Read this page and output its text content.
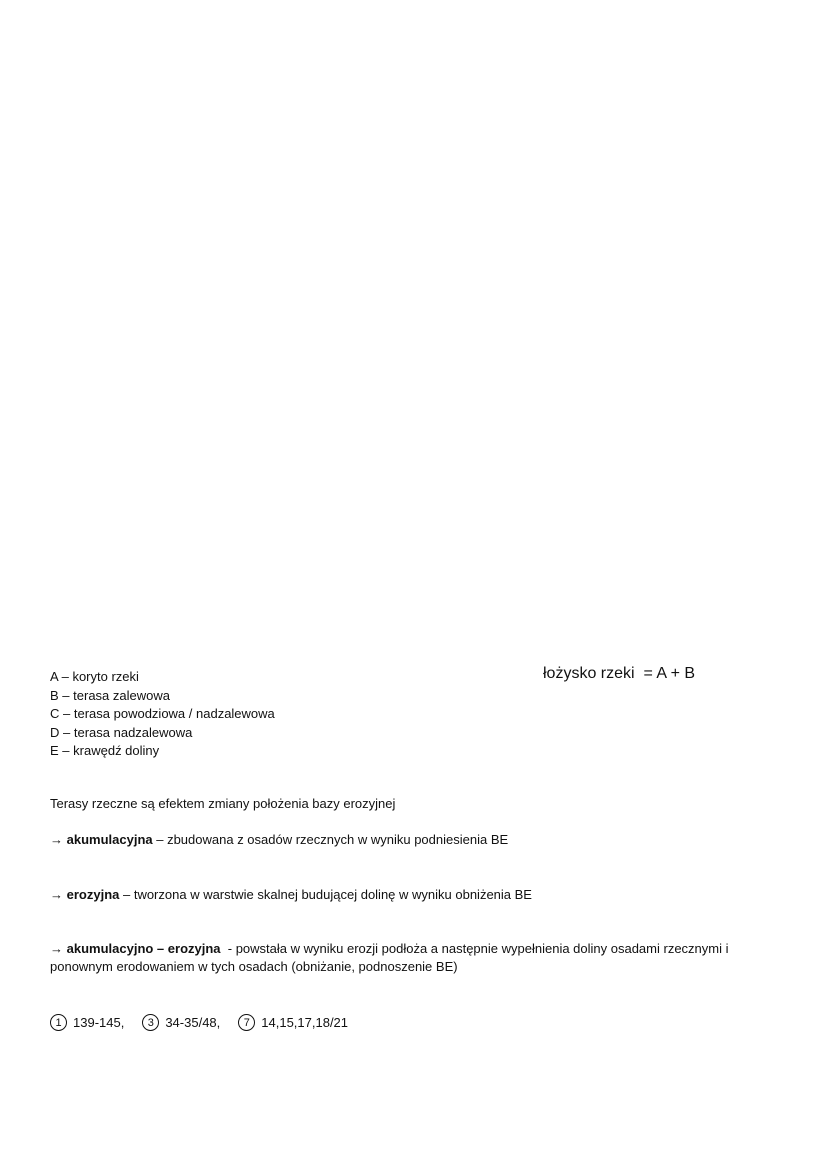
A – koryto rzeki
B – terasa zalewowa
C – terasa powodziowa / nadzalewowa
D – terasa nadzalewowa
E – krawędź doliny
łożysko rzeki  = A + B
Terasy rzeczne są efektem zmiany położenia bazy erozyjnej
→ akumulacyjna – zbudowana z osadów rzecznych w wyniku podniesienia BE
→ erozyjna – tworzona w warstwie skalnej budującej dolinę w wyniku obniżenia BE
→ akumulacyjno – erozyjna  - powstała w wyniku erozji podłoża a następnie wypełnienia doliny osadami rzecznymi i ponownym erodowaniem w tych osadach (obniżanie, podnoszenie BE)
1 139-145,	3 34-35/48,	7 14,15,17,18/21
